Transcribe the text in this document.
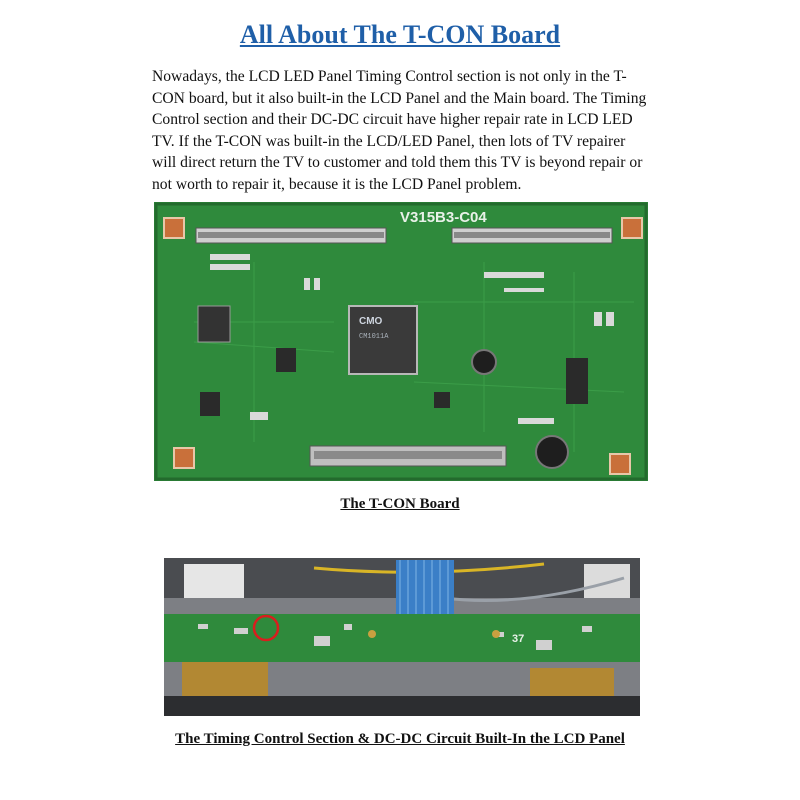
All About The T-CON Board

Nowadays, the LCD LED Panel Timing Control section is not only in the T-CON board, but it also built-in the LCD Panel and the Main board. The Timing Control section and their DC-DC circuit have higher repair rate in LCD LED TV. If the T-CON was built-in the LCD/LED Panel, then lots of TV repairer will direct return the TV to customer and told them this TV is beyond repair or not worth to repair it, because it is the LCD Panel problem.

V315B3-C04
CMO
CM1011A
The T-CON Board
37
The Timing Control Section & DC-DC Circuit Built-In the LCD Panel
